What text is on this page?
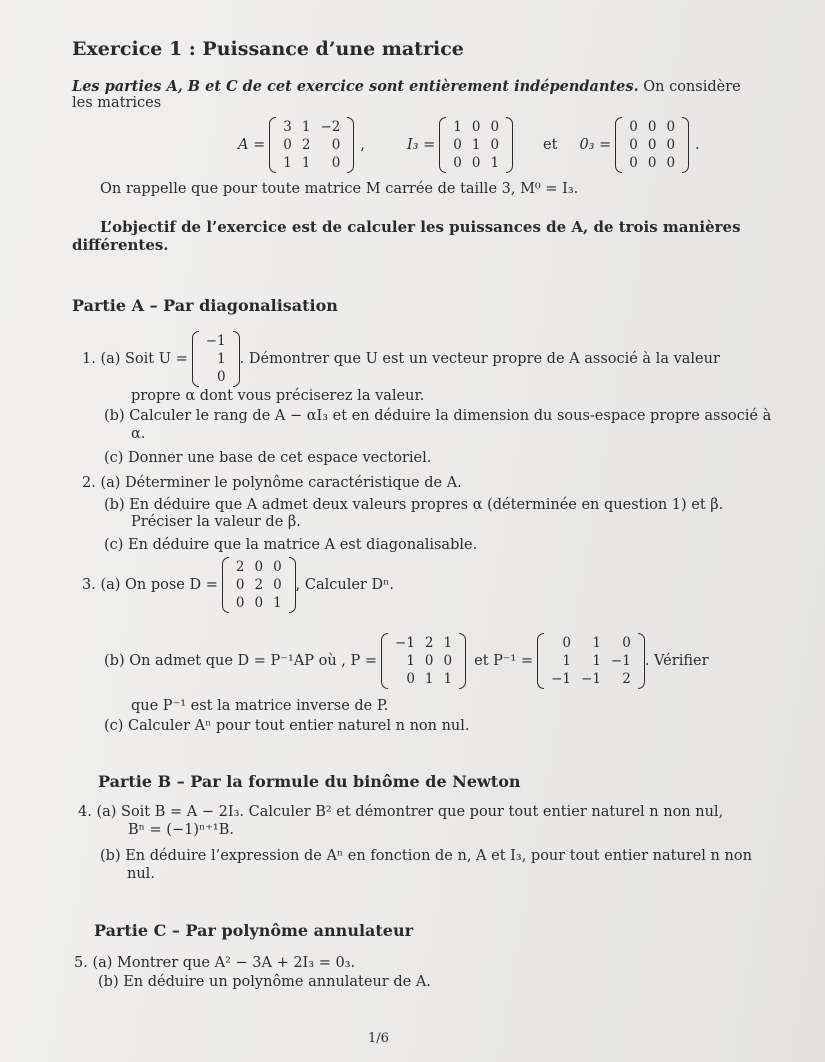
Exercice 1 : Puissance d’une matrice
Les parties A, B et C de cet exercice sont entièrement indépendantes. On considère
les matrices
A =
3	1	−2
0	2	0
1	1	0
,	I₃ =
1	0	0
0	1	0
0	0	1
et 0₃ =
0	0	0
0	0	0
0	0	0
.
On rappelle que pour toute matrice M carrée de taille 3, M⁰ = I₃.
L’objectif de l’exercice est de calculer les puissances de A, de trois manières
différentes.
Partie A – Par diagonalisation
1. (a) Soit U =
−1
1
0
. Démontrer que U est un vecteur propre de A associé à la valeur
propre α dont vous préciserez la valeur.
(b) Calculer le rang de A − αI₃ et en déduire la dimension du sous-espace propre associé à
α.
(c) Donner une base de cet espace vectoriel.
2. (a) Déterminer le polynôme caractéristique de A.
(b) En déduire que A admet deux valeurs propres α (déterminée en question 1) et β.
Préciser la valeur de β.
(c) En déduire que la matrice A est diagonalisable.
3. (a) On pose D =
2	0	0
0	2	0
0	0	1
, Calculer Dⁿ.
(b) On admet que D = P⁻¹AP où , P =
−1	2	1
1	0	0
0	1	1
et P⁻¹ =
0	1	0
1	1	−1
−1	−1	2
. Vérifier
que P⁻¹ est la matrice inverse de P.
(c) Calculer Aⁿ pour tout entier naturel n non nul.
Partie B – Par la formule du binôme de Newton
4. (a) Soit B = A − 2I₃. Calculer B² et démontrer que pour tout entier naturel n non nul,
Bⁿ = (−1)ⁿ⁺¹B.
(b) En déduire l’expression de Aⁿ en fonction de n, A et I₃, pour tout entier naturel n non
nul.
Partie C – Par polynôme annulateur
5. (a) Montrer que A² − 3A + 2I₃ = 0₃.
(b) En déduire un polynôme annulateur de A.
1/6
